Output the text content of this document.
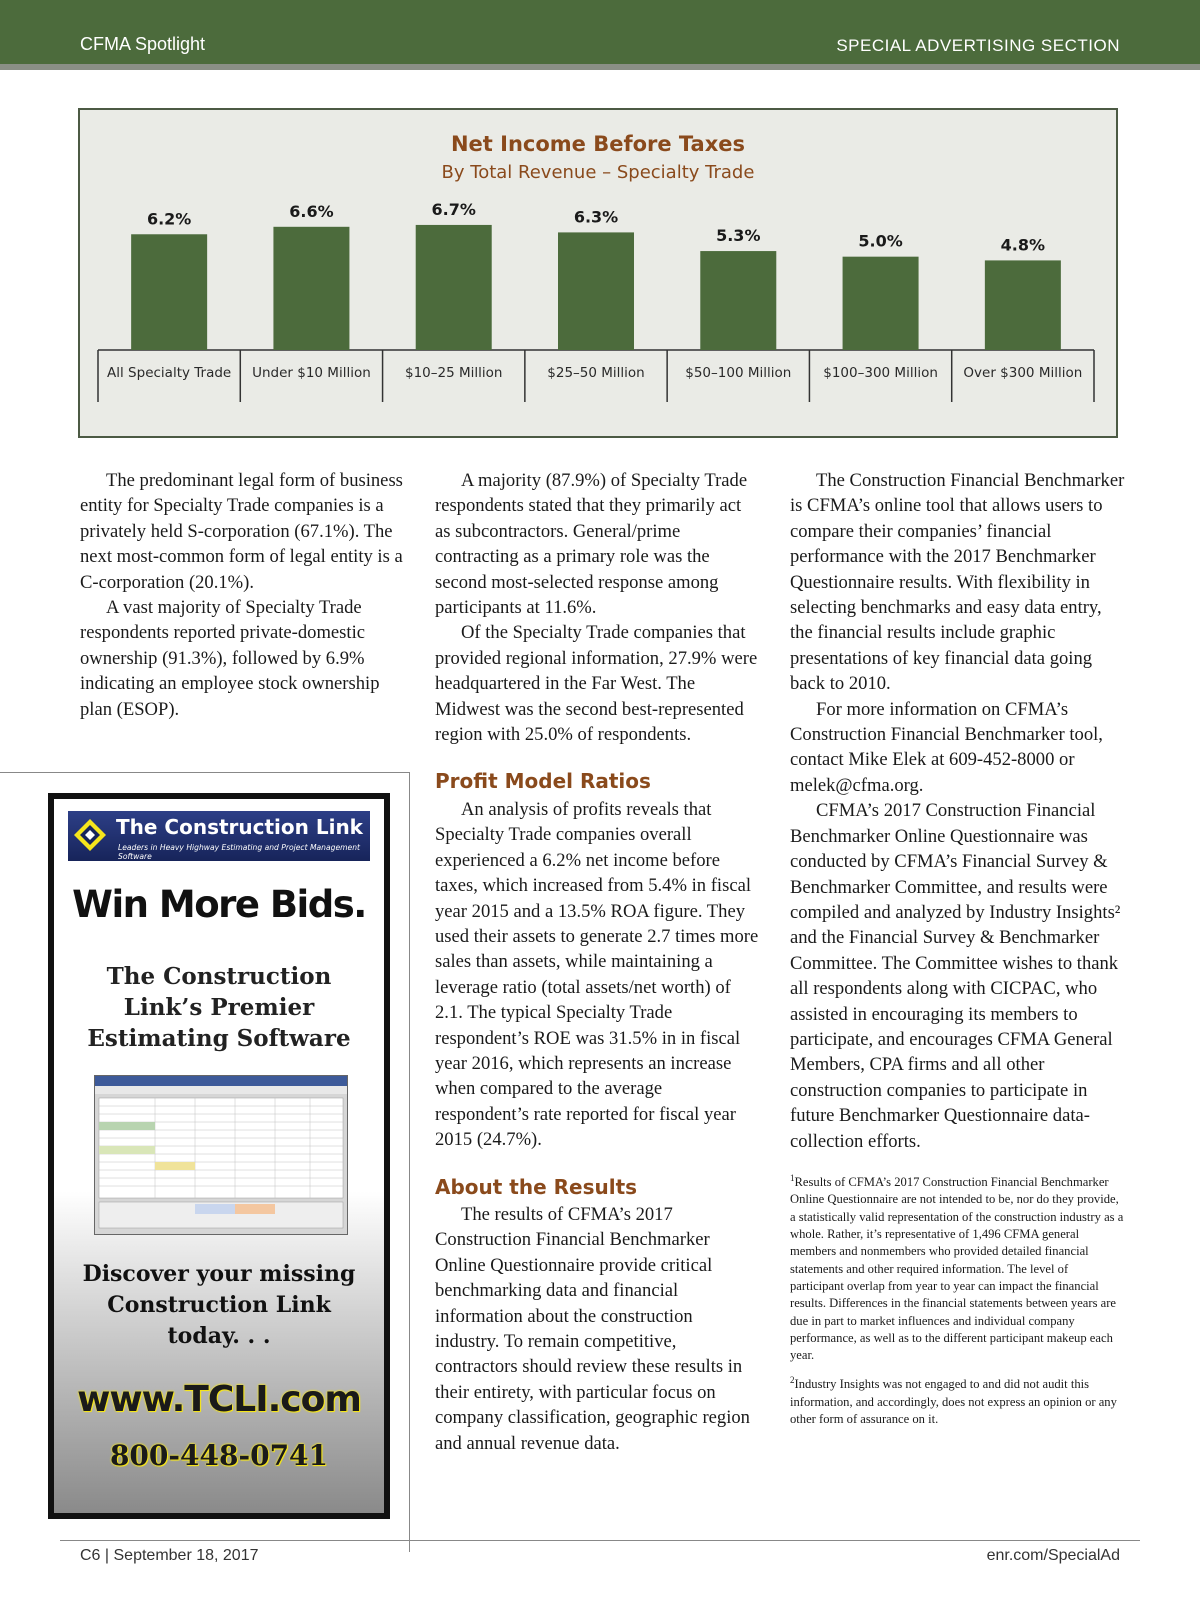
CFMA Spotlight	SPECIAL ADVERTISING SECTION
Net Income Before Taxes
By Total Revenue – Specialty Trade
6.2%
All Specialty Trade
6.6%
Under $10 Million
6.7%
$10–25 Million
6.3%
$25–50 Million
5.3%
$50–100 Million
5.0%
$100–300 Million
4.8%
Over $300 Million

The predominant legal form of business entity for Specialty Trade companies is a privately held S-corporation (67.1%). The next most-common form of legal entity is a C-corporation (20.1%).

A vast majority of Specialty Trade respondents reported private-domestic ownership (91.3%), followed by 6.9% indicating an employee stock ownership plan (ESOP).

A majority (87.9%) of Specialty Trade respondents stated that they primarily act as subcontractors. General/prime contracting as a primary role was the second most-selected response among participants at 11.6%.

Of the Specialty Trade companies that provided regional information, 27.9% were headquartered in the Far West. The Midwest was the second best-represented region with 25.0% of respondents.

Profit Model Ratios

An analysis of profits reveals that Specialty Trade companies overall experienced a 6.2% net income before taxes, which increased from 5.4% in fiscal year 2015 and a 13.5% ROA figure. They used their assets to generate 2.7 times more sales than assets, while maintaining a leverage ratio (total assets/net worth) of 2.1. The typical Specialty Trade respondent’s ROE was 31.5% in in fiscal year 2016, which represents an increase when compared to the average respondent’s rate reported for fiscal year 2015 (24.7%).

About the Results

The results of CFMA’s 2017 Construction Financial Benchmarker Online Questionnaire provide critical benchmarking data and financial information about the construction industry. To remain competitive, contractors should review these results in their entirety, with particular focus on company classification, geographic region and annual revenue data.

The Construction Financial Benchmarker is CFMA’s online tool that allows users to compare their companies’ financial performance with the 2017 Benchmarker Questionnaire results. With flexibility in selecting benchmarks and easy data entry, the financial results include graphic presentations of key financial data going back to 2010.

For more information on CFMA’s Construction Financial Benchmarker tool, contact Mike Elek at 609-452-8000 or melek@cfma.org.

CFMA’s 2017 Construction Financial Benchmarker Online Questionnaire was conducted by CFMA’s Financial Survey & Benchmarker Committee, and results were compiled and analyzed by Industry Insights² and the Financial Survey & Benchmarker Committee. The Committee wishes to thank all respondents along with CICPAC, who assisted in encouraging its members to participate, and encourages CFMA General Members, CPA firms and all other construction companies to participate in future Benchmarker Questionnaire data-collection efforts.

$^1$Results of CFMA’s 2017 Construction Financial Benchmarker Online Questionnaire are not intended to be, nor do they provide, a statistically valid representation of the construction industry as a whole. Rather, it’s representative of 1,496 CFMA general members and nonmembers who provided detailed financial statements and other required information. The level of participant overlap from year to year can impact the financial results. Differences in the financial statements between years are due in part to market influences and individual company performance, as well as to the different participant makeup each year.

$^2$Industry Insights was not engaged to and did not audit this information, and accordingly, does not express an opinion or any other form of assurance on it.

The Construction Link
Leaders in Heavy Highway Estimating and Project Management Software
Win More Bids.
The Construction Link’s Premier Estimating Software
Discover your missing Construction Link today. . .
www.TCLI.com
800-448-0741
C6 | September 18, 2017	enr.com/SpecialAd
